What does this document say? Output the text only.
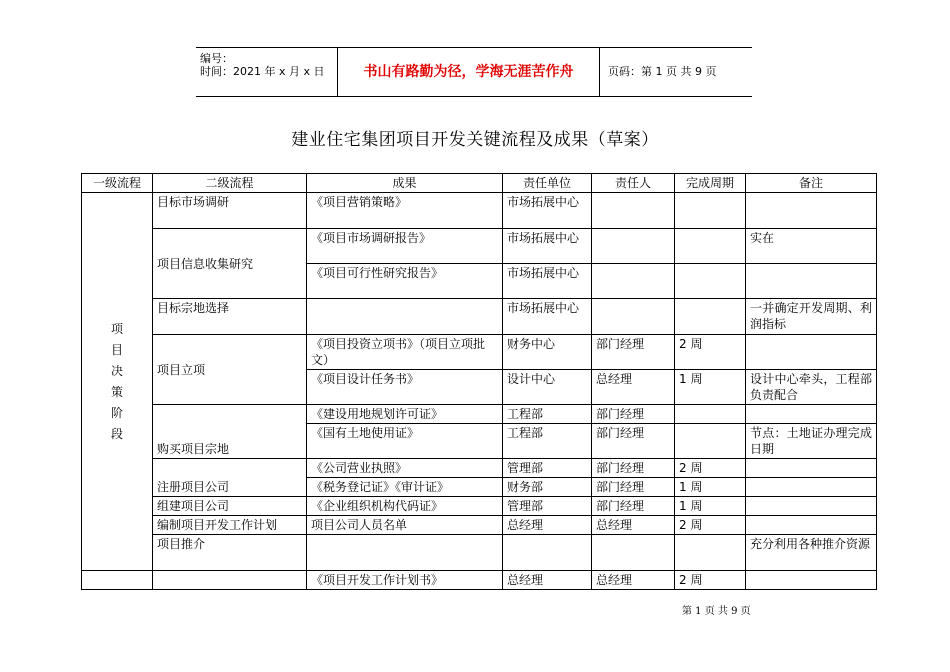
编号：
时间：2021 年 x 月 x 日	书山有路勤为径，学海无涯苦作舟	页码：第 1 页 共 9 页
建业住宅集团项目开发关键流程及成果（草案）
一级流程	二级流程	成果	责任单位	责任人	完成周期	备注
项目决策阶段	目标市场调研	《项目营销策略》	市场拓展中心			
	项目信息收集研究	《项目市场调研报告》	市场拓展中心			实在
		《项目可行性研究报告》	市场拓展中心			
	目标宗地选择		市场拓展中心			一并确定开发周期、利润指标
	项目立项	《项目投资立项书》（项目立项批文）	财务中心	部门经理	2 周	
		《项目设计任务书》	设计中心	总经理	1 周	设计中心牵头，工程部负责配合
	购买项目宗地	《建设用地规划许可证》	工程部	部门经理		
		《国有土地使用证》	工程部	部门经理		节点：土地证办理完成日期
	注册项目公司	《公司营业执照》	管理部	部门经理	2 周	
		《税务登记证》《审计证》	财务部	部门经理	1 周	
	组建项目公司	《企业组织机构代码证》	管理部	部门经理	1 周	
	编制项目开发工作计划	项目公司人员名单	总经理	总经理	2 周	
	项目推介					充分利用各种推介资源
		《项目开发工作计划书》	总经理	总经理	2 周	
第 1 页 共 9 页
